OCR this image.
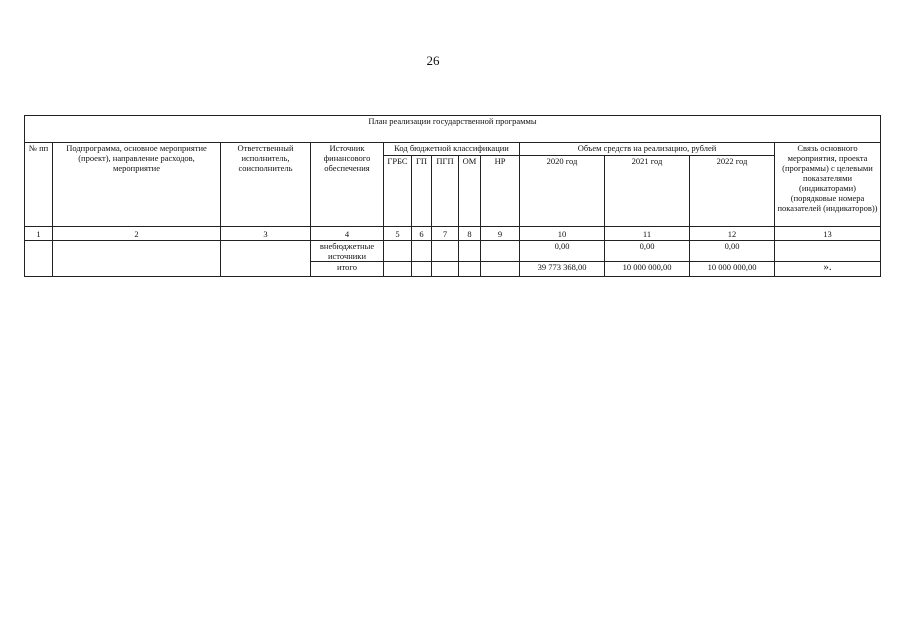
26
План реализации государственной программы												
№ пп	Подпрограмма, основное мероприятие (проект), направление расходов, мероприятие	Ответственный исполнитель, соисполнитель	Источник финансового обеспечения	Код бюджетной классификации					Объем средств на реализацию, рублей			Связь основного мероприятия, проекта (программы) с целевыми показателями (индикаторами) (порядковые номера показателей (индикаторов))
				ГРБС	ГП	ПГП	ОМ	НР	2020 год	2021 год	2022 год	
1	2	3	4	5	6	7	8	9	10	11	12	13
			внебюджетные источники						0,00	0,00	0,00	
			итого						39 773 368,00	10 000 000,00	10 000 000,00	».
